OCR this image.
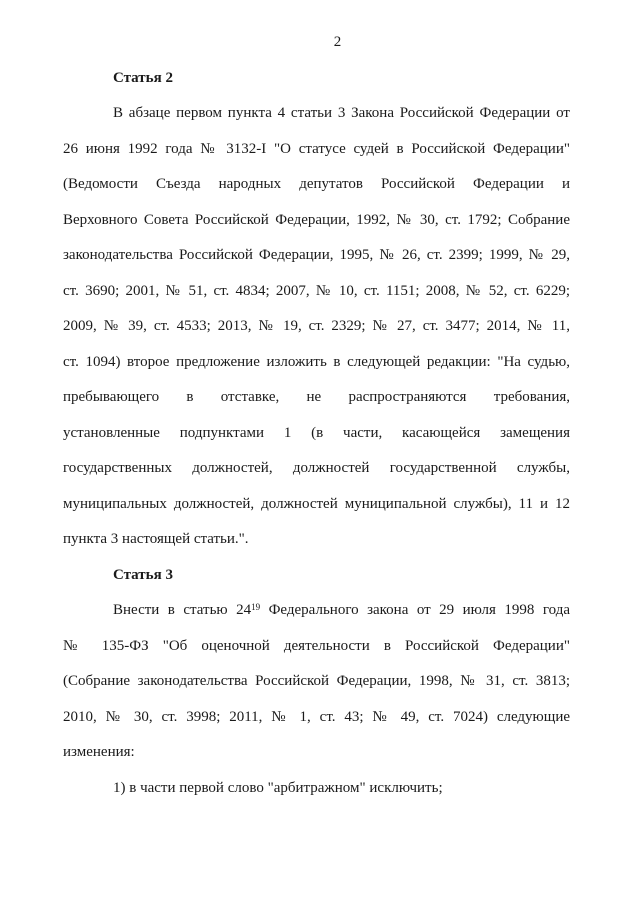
2
Статья 2
В абзаце первом пункта 4 статьи 3 Закона Российской Федерации от
26 июня 1992 года № 3132-I "О статусе судей в Российской Федерации"
(Ведомости Съезда народных депутатов Российской Федерации и
Верховного Совета Российской Федерации, 1992, № 30, ст. 1792; Собрание
законодательства Российской Федерации, 1995, № 26, ст. 2399; 1999, № 29,
ст. 3690; 2001, № 51, ст. 4834; 2007, № 10, ст. 1151; 2008, № 52, ст. 6229;
2009, № 39, ст. 4533; 2013, № 19, ст. 2329; № 27, ст. 3477; 2014, № 11,
ст. 1094) второе предложение изложить в следующей редакции: "На судью,
пребывающего в отставке, не распространяются требования,
установленные подпунктами 1 (в части, касающейся замещения
государственных должностей, должностей государственной службы,
муниципальных должностей, должностей муниципальной службы), 11 и 12
пункта 3 настоящей статьи.".
Статья 3
Внести в статью $24^{19}$ Федерального закона от 29 июля 1998 года
№ 135-ФЗ "Об оценочной деятельности в Российской Федерации"
(Собрание законодательства Российской Федерации, 1998, № 31, ст. 3813;
2010, № 30, ст. 3998; 2011, № 1, ст. 43; № 49, ст. 7024) следующие
изменения:
1) в части первой слово "арбитражном" исключить;
